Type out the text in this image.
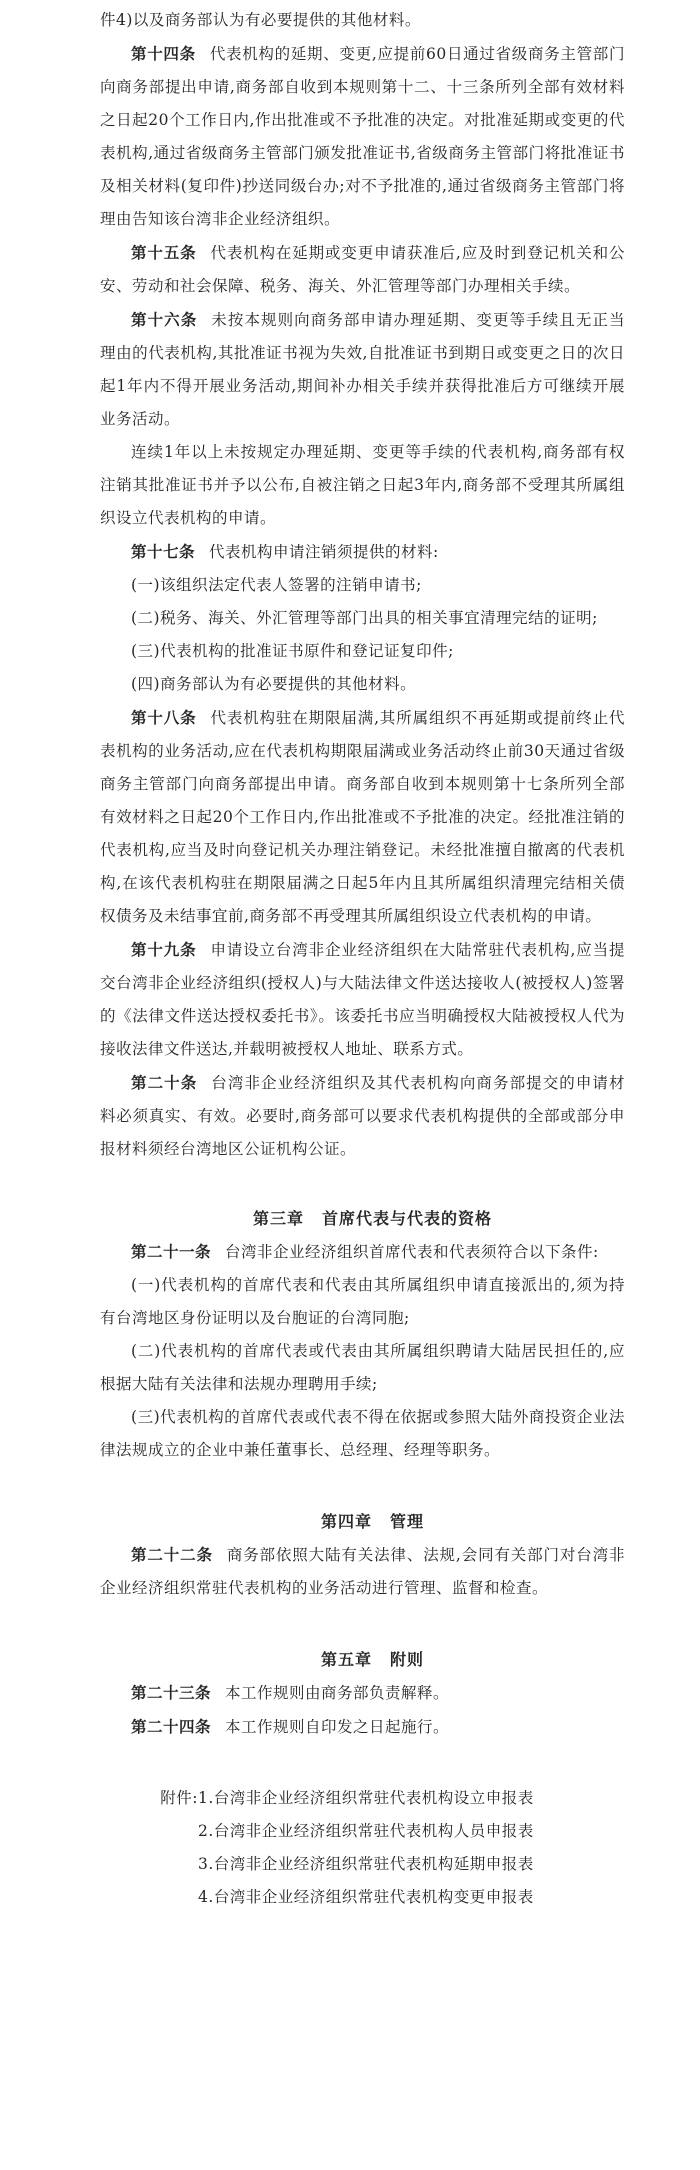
件4)以及商务部认为有必要提供的其他材料。

第十四条 代表机构的延期、变更,应提前60日通过省级商务主管部门向商务部提出申请,商务部自收到本规则第十二、十三条所列全部有效材料之日起20个工作日内,作出批准或不予批准的决定。对批准延期或变更的代表机构,通过省级商务主管部门颁发批准证书,省级商务主管部门将批准证书及相关材料(复印件)抄送同级台办;对不予批准的,通过省级商务主管部门将理由告知该台湾非企业经济组织。

第十五条 代表机构在延期或变更申请获准后,应及时到登记机关和公安、劳动和社会保障、税务、海关、外汇管理等部门办理相关手续。

第十六条 未按本规则向商务部申请办理延期、变更等手续且无正当理由的代表机构,其批准证书视为失效,自批准证书到期日或变更之日的次日起1年内不得开展业务活动,期间补办相关手续并获得批准后方可继续开展业务活动。

连续1年以上未按规定办理延期、变更等手续的代表机构,商务部有权注销其批准证书并予以公布,自被注销之日起3年内,商务部不受理其所属组织设立代表机构的申请。

第十七条 代表机构申请注销须提供的材料:

(一)该组织法定代表人签署的注销申请书;

(二)税务、海关、外汇管理等部门出具的相关事宜清理完结的证明;

(三)代表机构的批准证书原件和登记证复印件;

(四)商务部认为有必要提供的其他材料。

第十八条 代表机构驻在期限届满,其所属组织不再延期或提前终止代表机构的业务活动,应在代表机构期限届满或业务活动终止前30天通过省级商务主管部门向商务部提出申请。商务部自收到本规则第十七条所列全部有效材料之日起20个工作日内,作出批准或不予批准的决定。经批准注销的代表机构,应当及时向登记机关办理注销登记。未经批准擅自撤离的代表机构,在该代表机构驻在期限届满之日起5年内且其所属组织清理完结相关债权债务及未结事宜前,商务部不再受理其所属组织设立代表机构的申请。

第十九条 申请设立台湾非企业经济组织在大陆常驻代表机构,应当提交台湾非企业经济组织(授权人)与大陆法律文件送达接收人(被授权人)签署的《法律文件送达授权委托书》。该委托书应当明确授权大陆被授权人代为接收法律文件送达,并载明被授权人地址、联系方式。

第二十条 台湾非企业经济组织及其代表机构向商务部提交的申请材料必须真实、有效。必要时,商务部可以要求代表机构提供的全部或部分申报材料须经台湾地区公证机构公证。

第三章 首席代表与代表的资格

第二十一条 台湾非企业经济组织首席代表和代表须符合以下条件:

(一)代表机构的首席代表和代表由其所属组织申请直接派出的,须为持有台湾地区身份证明以及台胞证的台湾同胞;

(二)代表机构的首席代表或代表由其所属组织聘请大陆居民担任的,应根据大陆有关法律和法规办理聘用手续;

(三)代表机构的首席代表或代表不得在依据或参照大陆外商投资企业法律法规成立的企业中兼任董事长、总经理、经理等职务。

第四章 管理

第二十二条 商务部依照大陆有关法律、法规,会同有关部门对台湾非企业经济组织常驻代表机构的业务活动进行管理、监督和检查。

第五章 附则

第二十三条 本工作规则由商务部负责解释。

第二十四条 本工作规则自印发之日起施行。

附件: 1.台湾非企业经济组织常驻代表机构设立申报表
2.台湾非企业经济组织常驻代表机构人员申报表
3.台湾非企业经济组织常驻代表机构延期申报表
4.台湾非企业经济组织常驻代表机构变更申报表
